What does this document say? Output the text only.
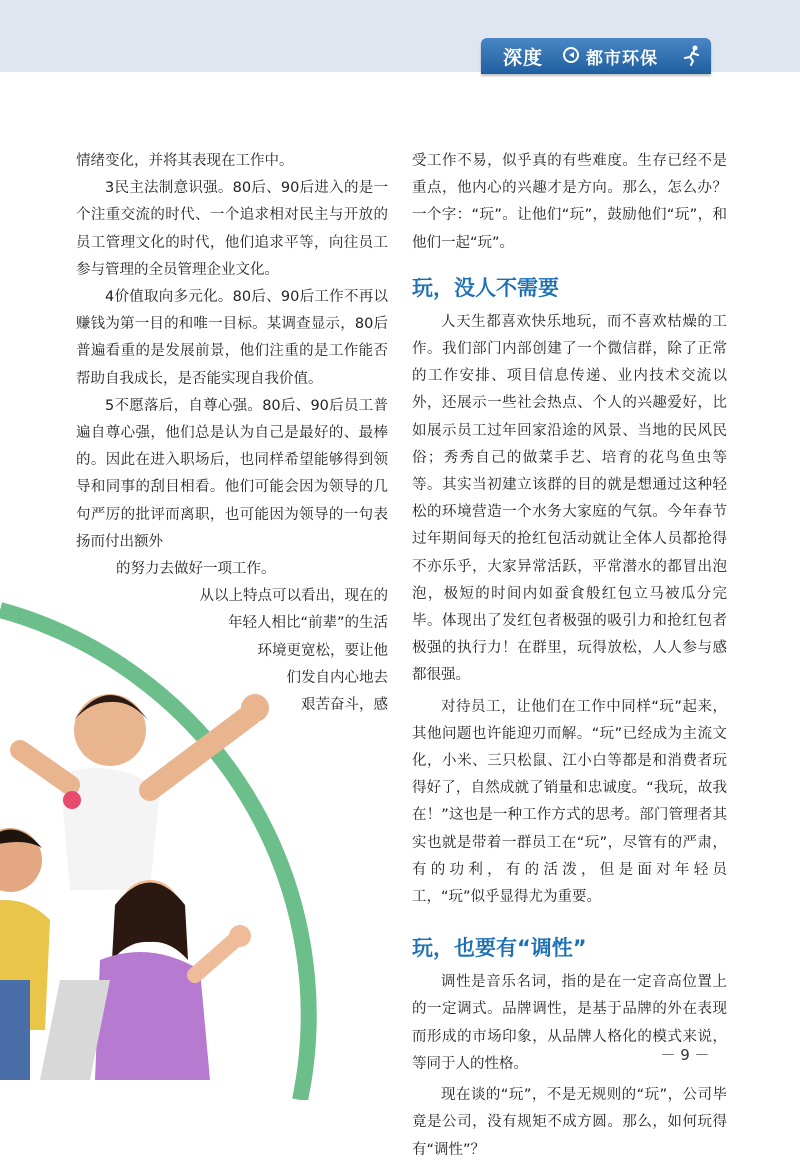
深度	都市环保

情绪变化，并将其表现在工作中。

3民主法制意识强。80后、90后进入的是一个注重交流的时代、一个追求相对民主与开放的员工管理文化的时代，他们追求平等，向往员工参与管理的全员管理企业文化。

4价值取向多元化。80后、90后工作不再以赚钱为第一目的和唯一目标。某调查显示，80后普遍看重的是发展前景，他们注重的是工作能否帮助自我成长，是否能实现自我价值。

5不愿落后，自尊心强。80后、90后员工普遍自尊心强，他们总是认为自己是最好的、最棒的。因此在进入职场后，也同样希望能够得到领导和同事的刮目相看。他们可能会因为领导的几句严厉的批评而离职，也可能因为领导的一句表扬而付出额外

的努力去做好一项工作。

从以上特点可以看出，现在的

年轻人相比“前辈”的生活

环境更宽松，要让他

们发自内心地去

艰苦奋斗，感

受工作不易，似乎真的有些难度。生存已经不是重点，他内心的兴趣才是方向。那么，怎么办？一个字：“玩”。让他们“玩”，鼓励他们“玩”，和他们一起“玩”。

玩，没人不需要

人天生都喜欢快乐地玩，而不喜欢枯燥的工作。我们部门内部创建了一个微信群，除了正常的工作安排、项目信息传递、业内技术交流以外，还展示一些社会热点、个人的兴趣爱好，比如展示员工过年回家沿途的风景、当地的民风民俗；秀秀自己的做菜手艺、培育的花鸟鱼虫等等。其实当初建立该群的目的就是想通过这种轻松的环境营造一个水务大家庭的气氛。今年春节过年期间每天的抢红包活动就让全体人员都抢得不亦乐乎，大家异常活跃，平常潜水的都冒出泡泡，极短的时间内如蚕食般红包立马被瓜分完毕。体现出了发红包者极强的吸引力和抢红包者极强的执行力！在群里，玩得放松，人人参与感都很强。

对待员工，让他们在工作中同样“玩”起来，其他问题也许能迎刃而解。“玩”已经成为主流文化，小米、三只松鼠、江小白等都是和消费者玩得好了，自然成就了销量和忠诚度。“我玩，故我在！”这也是一种工作方式的思考。部门管理者其实也就是带着一群员工在“玩”，尽管有的严肃，有的功利，有的活泼，但是面对年轻员工，“玩”似乎显得尤为重要。

玩，也要有“调性”

调性是音乐名词，指的是在一定音高位置上的一定调式。品牌调性，是基于品牌的外在表现而形成的市场印象，从品牌人格化的模式来说，等同于人的性格。

现在谈的“玩”，不是无规则的“玩”，公司毕竟是公司，没有规矩不成方圆。那么，如何玩得有“调性”？

－ 9 －
